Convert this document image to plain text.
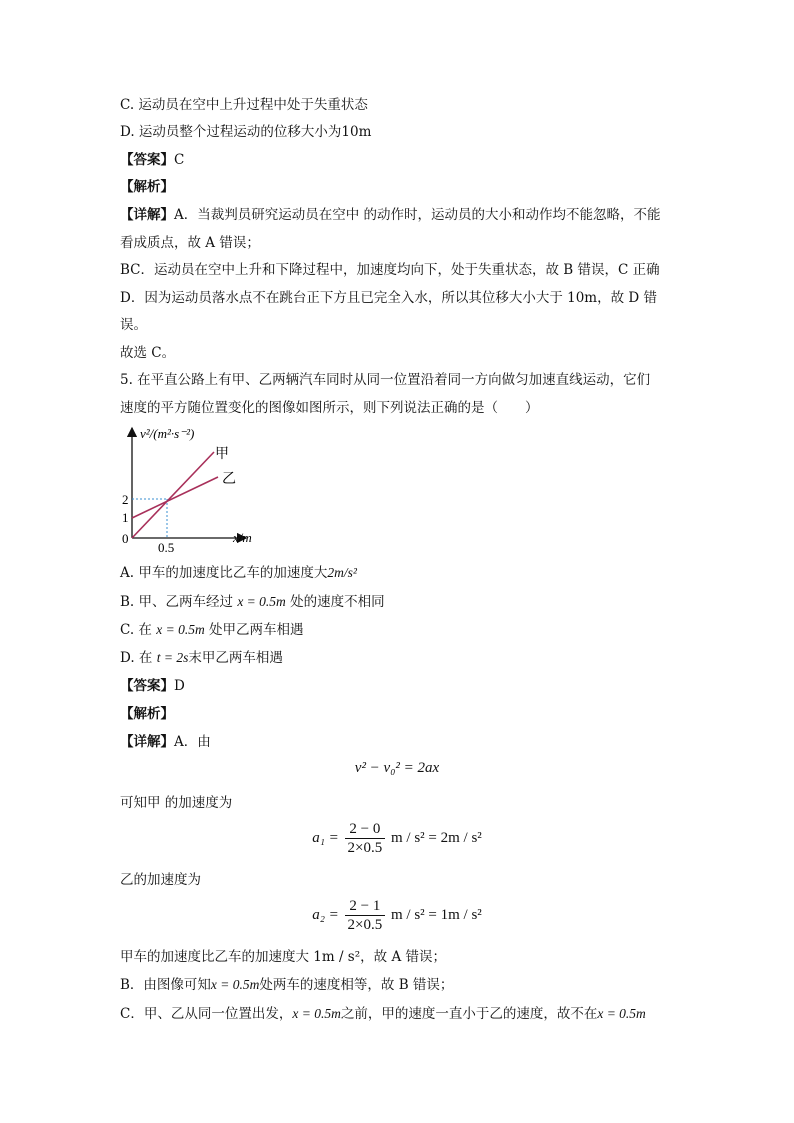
C. 运动员在空中上升过程中处于失重状态
D. 运动员整个过程运动的位移大小为10m
【答案】C
【解析】
【详解】A．当裁判员研究运动员在空中 的动作时，运动员的大小和动作均不能忽略，不能
看成质点，故 A 错误；
BC．运动员在空中上升和下降过程中，加速度均向下，处于失重状态，故 B 错误，C 正确
D．因为运动员落水点不在跳台正下方且已完全入水，所以其位移大小大于 10m，故 D 错
误。
故选 C。
5. 在平直公路上有甲、乙两辆汽车同时从同一位置沿着同一方向做匀加速直线运动，它们
速度的平方随位置变化的图像如图所示，则下列说法正确的是（　　）
v²/(m²·s⁻²)
x/m
0
1
2
0.5
甲
乙
A. 甲车的加速度比乙车的加速度大2m/s²
B. 甲、乙两车经过 x = 0.5m 处的速度不相同
C. 在 x = 0.5m 处甲乙两车相遇
D. 在 t = 2s末甲乙两车相遇
【答案】D
【解析】
【详解】A．由
v² − v₀² = 2ax
可知甲 的加速度为
$a_1 = \frac{2 - 0}{2\times 0.5}$ m / s² = 2m / s²
乙的加速度为
$a_2 = \frac{2 - 1}{2\times 0.5}$ m / s² = 1m / s²
甲车的加速度比乙车的加速度大 1m / s²，故 A 错误；
B．由图像可知x = 0.5m处两车的速度相等，故 B 错误；
C．甲、乙从同一位置出发，x = 0.5m之前，甲的速度一直小于乙的速度，故不在x = 0.5m
